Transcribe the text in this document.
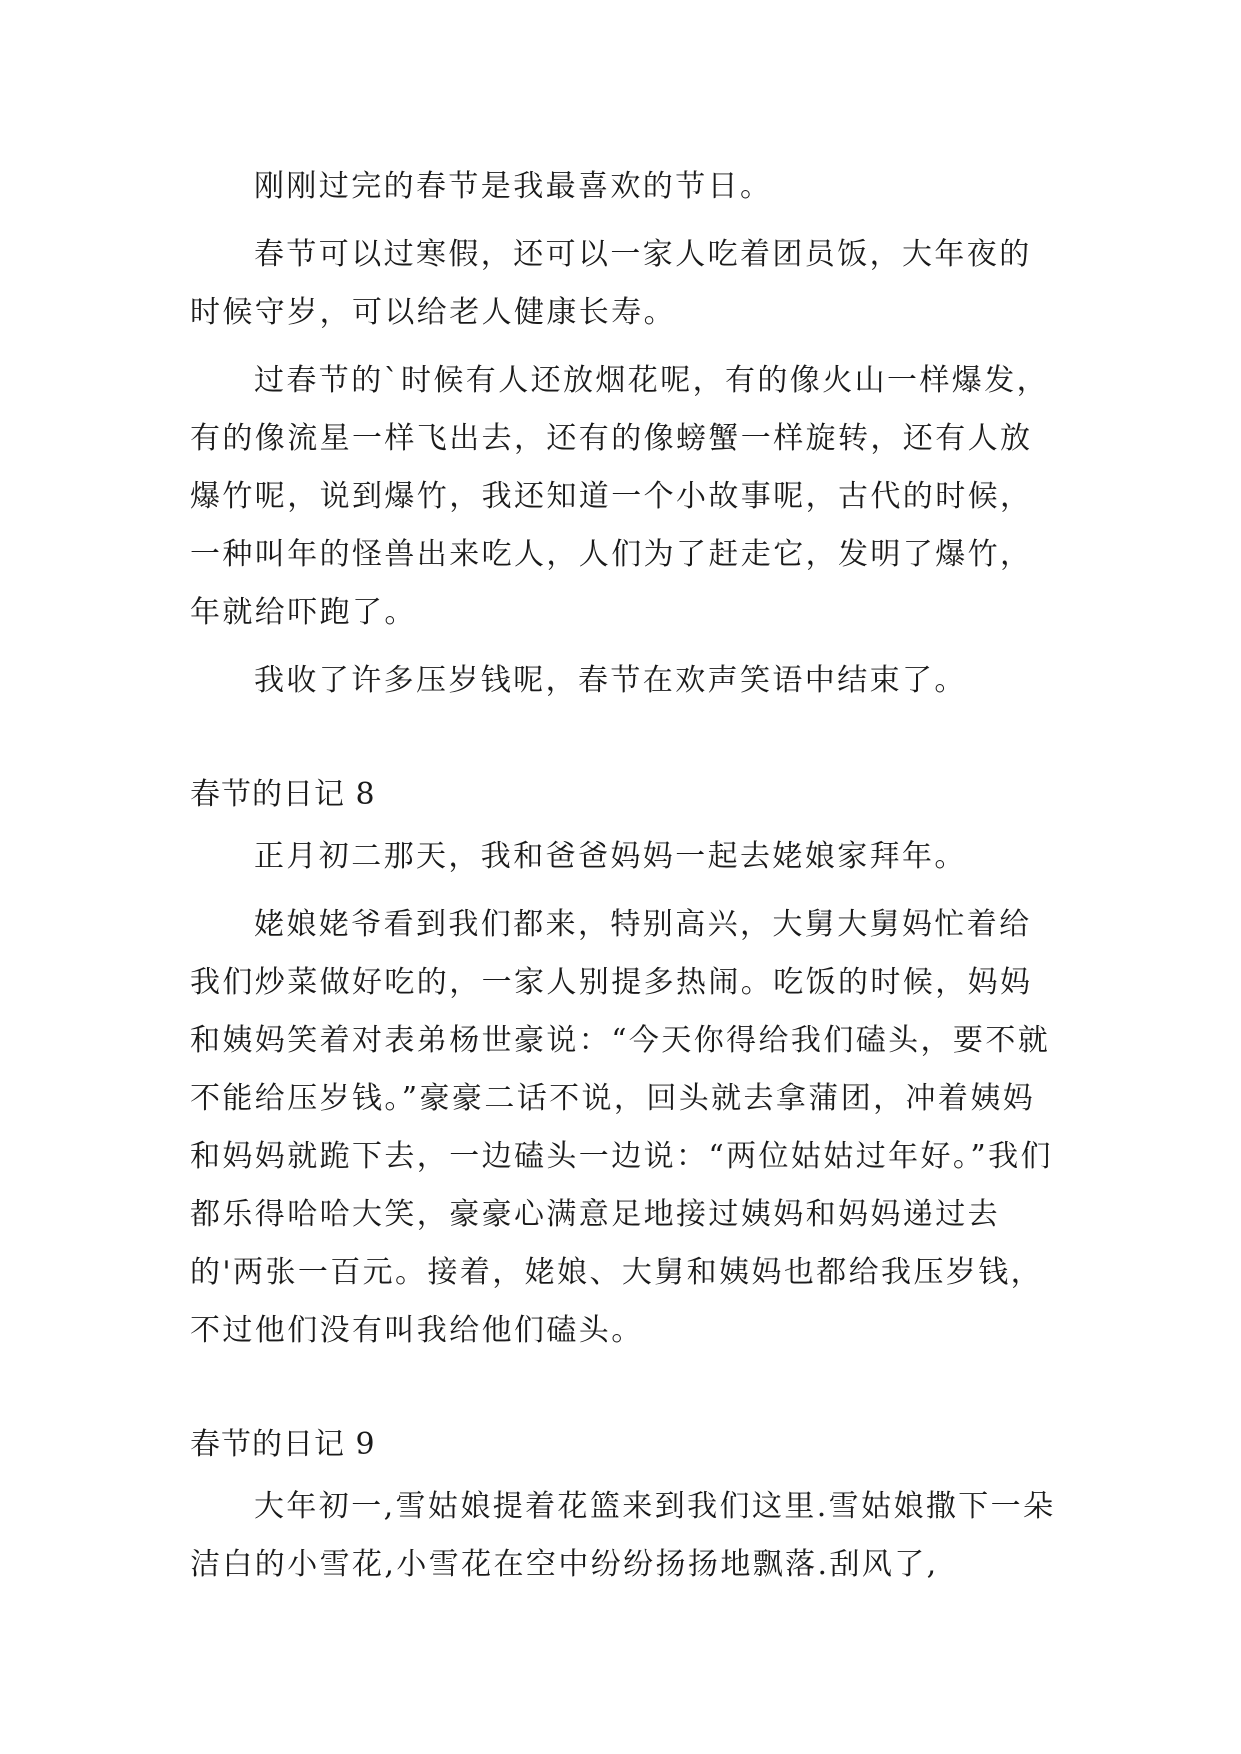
刚刚过完的春节是我最喜欢的节日。

春节可以过寒假，还可以一家人吃着团员饭，大年夜的时候守岁，可以给老人健康长寿。

过春节的`时候有人还放烟花呢，有的像火山一样爆发，有的像流星一样飞出去，还有的像螃蟹一样旋转，还有人放爆竹呢，说到爆竹，我还知道一个小故事呢，古代的时候，一种叫年的怪兽出来吃人，人们为了赶走它，发明了爆竹，年就给吓跑了。

我收了许多压岁钱呢，春节在欢声笑语中结束了。

春节的日记 8

正月初二那天，我和爸爸妈妈一起去姥娘家拜年。

姥娘姥爷看到我们都来，特别高兴，大舅大舅妈忙着给我们炒菜做好吃的，一家人别提多热闹。吃饭的时候，妈妈和姨妈笑着对表弟杨世豪说：“今天你得给我们磕头，要不就不能给压岁钱。”豪豪二话不说，回头就去拿蒲团，冲着姨妈和妈妈就跪下去，一边磕头一边说：“两位姑姑过年好。”我们都乐得哈哈大笑，豪豪心满意足地接过姨妈和妈妈递过去的'两张一百元。接着，姥娘、大舅和姨妈也都给我压岁钱，不过他们没有叫我给他们磕头。

春节的日记 9

大年初一,雪姑娘提着花篮来到我们这里.雪姑娘撒下一朵洁白的小雪花,小雪花在空中纷纷扬扬地飘落.刮风了,
